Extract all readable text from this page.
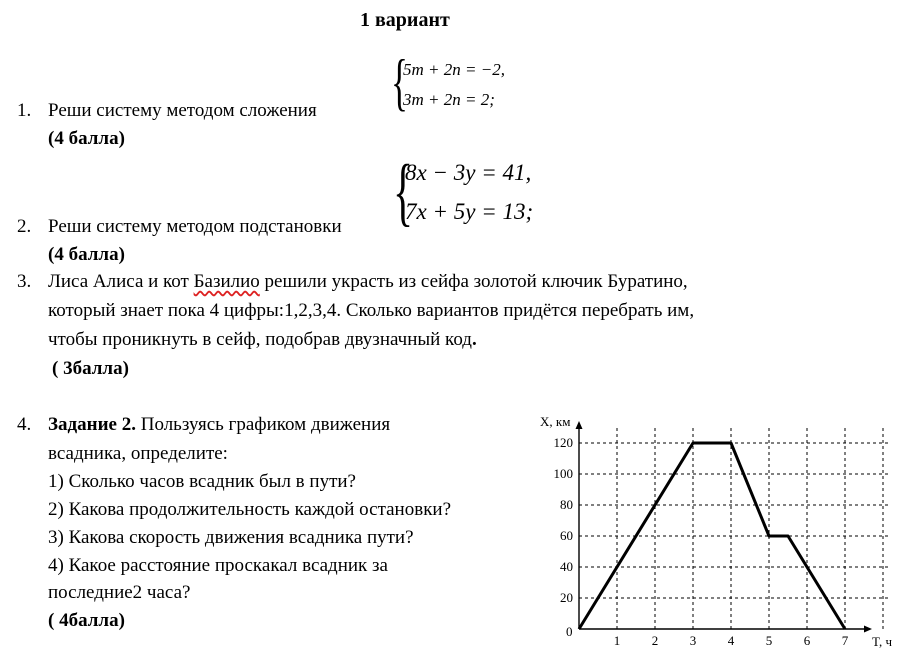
1 вариант
1. Реши систему методом сложения
(4 балла)
{
5m + 2n = −2,
3m + 2n = 2;
2. Реши систему методом подстановки
(4 балла)
{
8x − 3y = 41,
7x + 5y = 13;
3. Лиса Алиса и кот Базилио решили украсть из сейфа золотой ключик Буратино,
который знает пока 4 цифры:1,2,3,4. Сколько вариантов придётся перебрать им,
чтобы проникнуть в сейф, подобрав двузначный код.
( 3балла)
4. Задание 2. Пользуясь графиком движения
всадника, определите:
1) Сколько часов всадник был в пути?
2) Какова продолжительность каждой остановки?
3) Какова скорость движения всадника пути?
4) Какое расстояние проскакал всадник за
последние2 часа?
( 4балла)
20
40
60
80
100
120
1 2 3 4 5 6 7
X, км
T, ч
0
